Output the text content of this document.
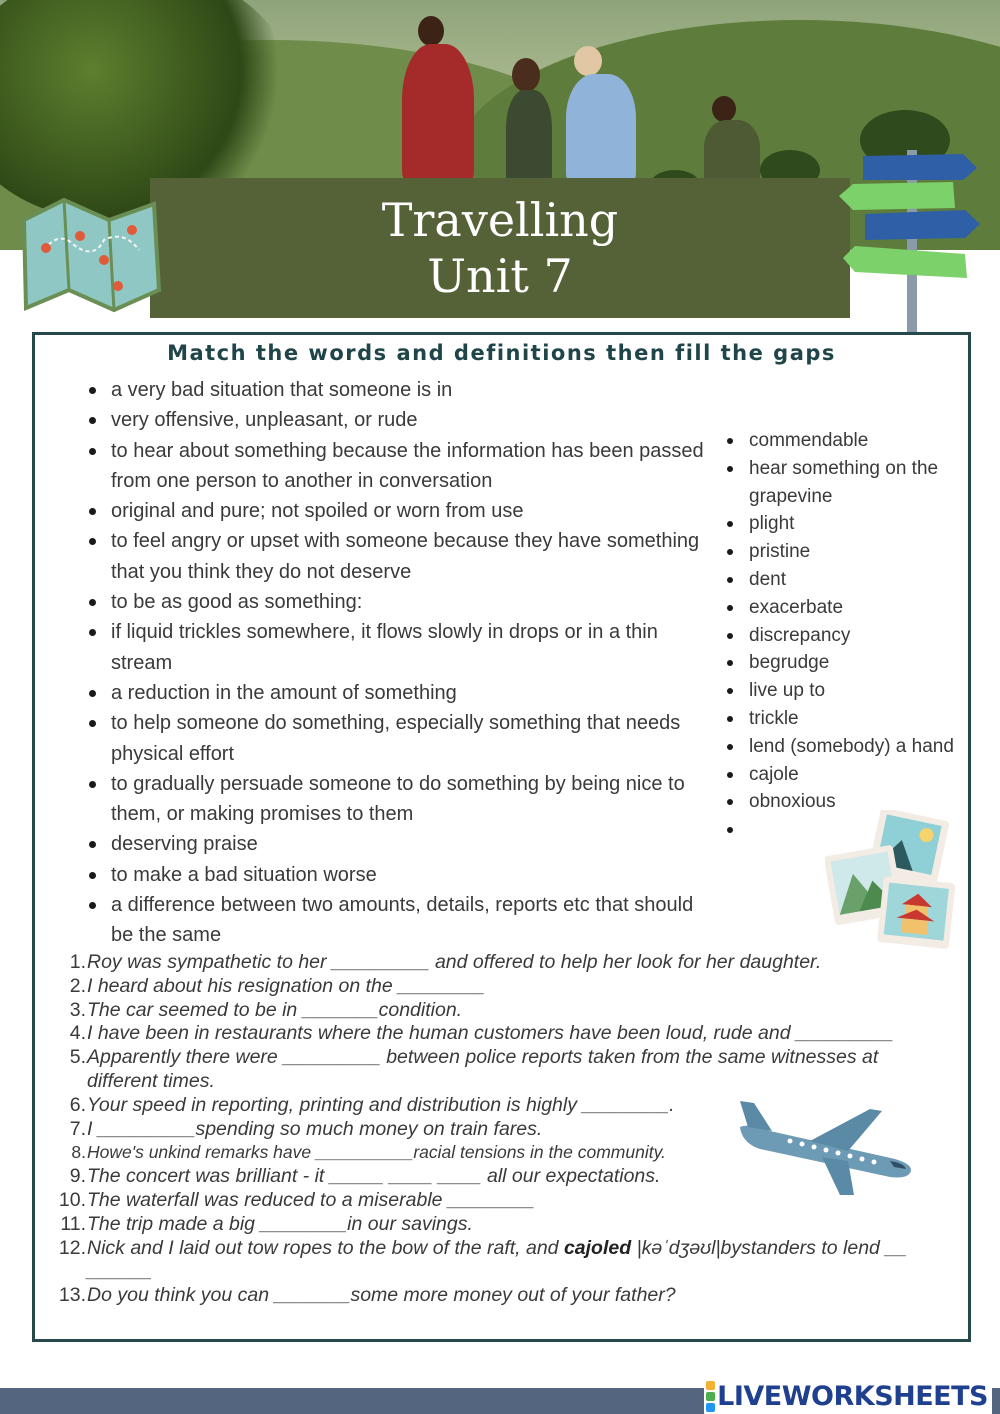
Travelling
Unit 7
Match the words and definitions then fill the gaps
a very bad situation that someone is in
very offensive, unpleasant, or rude
to hear about something because the information has been passed from one person to another in conversation
original and pure; not spoiled or worn from use
to feel angry or upset with someone because they have something that you think they do not deserve
to be as good as something:
if liquid trickles somewhere, it flows slowly in drops or in a thin stream
a reduction in the amount of something
to help someone do something, especially something that needs physical effort
to gradually persuade someone to do something by being nice to them, or making promises to them
deserving praise
to make a bad situation worse
a difference between two amounts, details, reports etc that should be the same
commendable
hear something on the grapevine
plight
pristine
dent
exacerbate
discrepancy
begrudge
live up to
trickle
lend (somebody) a hand
cajole
obnoxious

1. Roy was sympathetic to her _________ and offered to help her look for her daughter.
2. I heard about his resignation on the ________
3. The car seemed to be in _______condition.
4. I have been in restaurants where the human customers have been loud, rude and _________
5. Apparently there were _________ between police reports taken from the same witnesses at different times.
6. Your speed in reporting, printing and distribution is highly ________.
7. I _________spending so much money on train fares.
8. Howe's unkind remarks have __________racial tensions in the community.
9. The concert was brilliant - it _____ ____ ____ all our expectations.
10. The waterfall was reduced to a miserable ________
11. The trip made a big ________in our savings.
12. Nick and I laid out tow ropes to the bow of the raft, and cajoled |kəˈdʒəʊl|bystanders to lend __ ______
13. Do you think you can _______some more money out of your father?
LIVEWORKSHEETS
